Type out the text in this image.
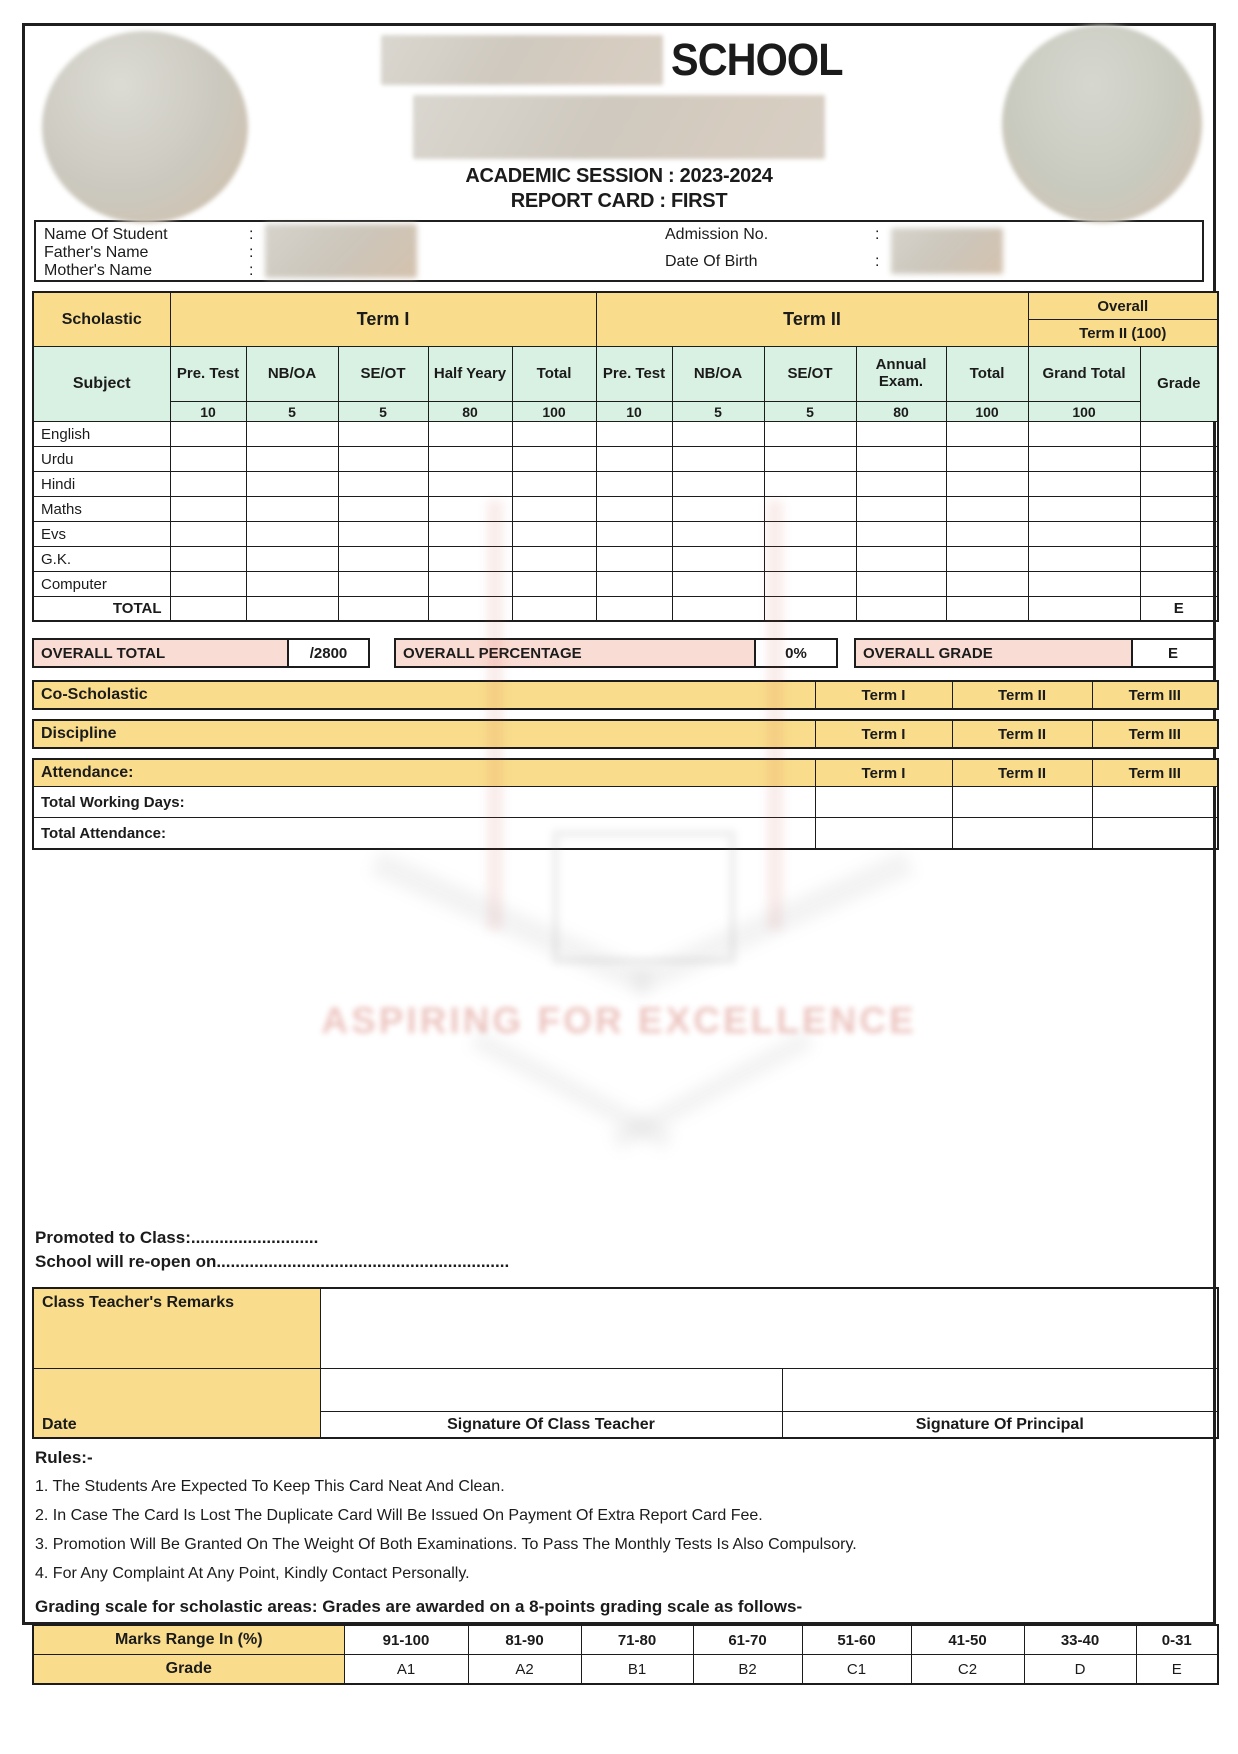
SCHOOL
ACADEMIC SESSION : 2023-2024
REPORT CARD : FIRST
Name Of Student	:
Father's Name	:
Mother's Name	:
Admission No.	:
Date Of Birth	:
Scholastic	Term I					Term II					Overall	
											Term II (100)	
Subject	Pre. Test	NB/OA	SE/OT	Half Yeary	Total	Pre. Test	NB/OA	SE/OT	Annual Exam.	Total	Grand Total	Grade
	10	5	5	80	100	10	5	5	80	100	100	
English												
Urdu												
Hindi												
Maths												
Evs												
G.K.												
Computer												
TOTAL												E
OVERALL TOTAL	/2800	OVERALL PERCENTAGE	0%	OVERALL GRADE	E
Co-Scholastic	Term I	Term II	Term III
Discipline	Term I	Term II	Term III
Attendance:	Term I	Term II	Term III
Total Working Days:			
Total Attendance:			
ASPIRING FOR EXCELLENCE
Promoted to Class:...........................
School will re-open on..............................................................
Class Teacher's Remarks		
Date		
	Signature Of Class Teacher	Signature Of Principal
Rules:-
1. The Students Are Expected To Keep This Card Neat And Clean.
2. In Case The Card Is Lost The Duplicate Card Will Be Issued On Payment Of Extra Report Card Fee.
3. Promotion Will Be Granted On The Weight Of Both Examinations. To Pass The Monthly Tests Is Also Compulsory.
4. For Any Complaint At Any Point, Kindly Contact Personally.
Grading scale for scholastic areas: Grades are awarded on a 8-points grading scale as follows-
Marks Range In (%)	91-100	81-90	71-80	61-70	51-60	41-50	33-40	0-31
Grade	A1	A2	B1	B2	C1	C2	D	E
